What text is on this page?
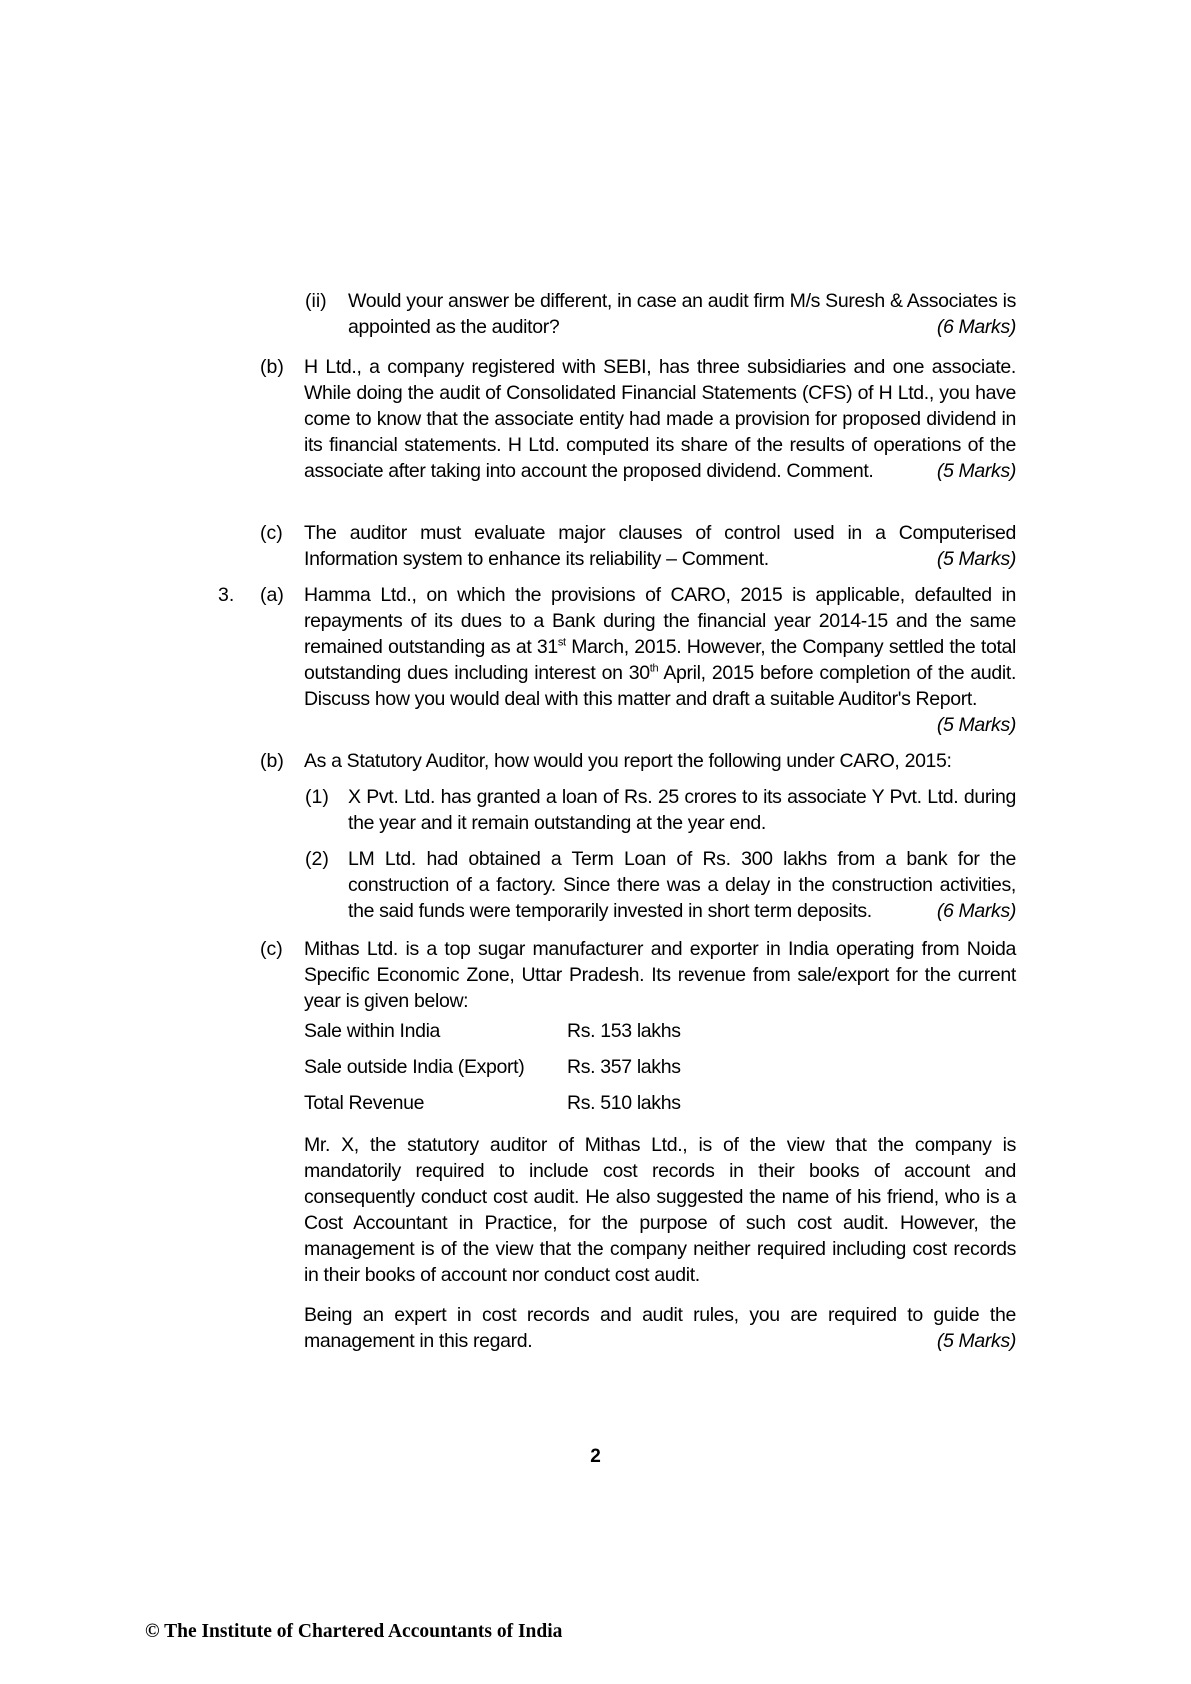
(ii) Would your answer be different, in case an audit firm M/s Suresh & Associates is appointed as the auditor?	(6 Marks)
(b) H Ltd., a company registered with SEBI, has three subsidiaries and one associate. While doing the audit of Consolidated Financial Statements (CFS) of H Ltd., you have come to know that the associate entity had made a provision for proposed dividend in its financial statements. H Ltd. computed its share of the results of operations of the associate after taking into account the proposed dividend. Comment.	(5 Marks)
(c) The auditor must evaluate major clauses of control used in a Computerised Information system to enhance its reliability – Comment.	(5 Marks)
3. (a) Hamma Ltd., on which the provisions of CARO, 2015 is applicable, defaulted in repayments of its dues to a Bank during the financial year 2014-15 and the same remained outstanding as at 31st March, 2015. However, the Company settled the total outstanding dues including interest on 30th April, 2015 before completion of the audit. Discuss how you would deal with this matter and draft a suitable Auditor's Report.
(5 Marks)
(b) As a Statutory Auditor, how would you report the following under CARO, 2015:
(1) X Pvt. Ltd. has granted a loan of Rs. 25 crores to its associate Y Pvt. Ltd. during the year and it remain outstanding at the year end.
(2) LM Ltd. had obtained a Term Loan of Rs. 300 lakhs from a bank for the construction of a factory. Since there was a delay in the construction activities, the said funds were temporarily invested in short term deposits.	(6 Marks)
(c) Mithas Ltd. is a top sugar manufacturer and exporter in India operating from Noida Specific Economic Zone, Uttar Pradesh. Its revenue from sale/export for the current year is given below:
Sale within India	Rs. 153 lakhs
Sale outside India (Export) Rs. 357 lakhs
Total Revenue	Rs. 510 lakhs
Mr. X, the statutory auditor of Mithas Ltd., is of the view that the company is mandatorily required to include cost records in their books of account and consequently conduct cost audit. He also suggested the name of his friend, who is a Cost Accountant in Practice, for the purpose of such cost audit. However, the management is of the view that the company neither required including cost records in their books of account nor conduct cost audit.
Being an expert in cost records and audit rules, you are required to guide the management in this regard.	(5 Marks)
2
© The Institute of Chartered Accountants of India
